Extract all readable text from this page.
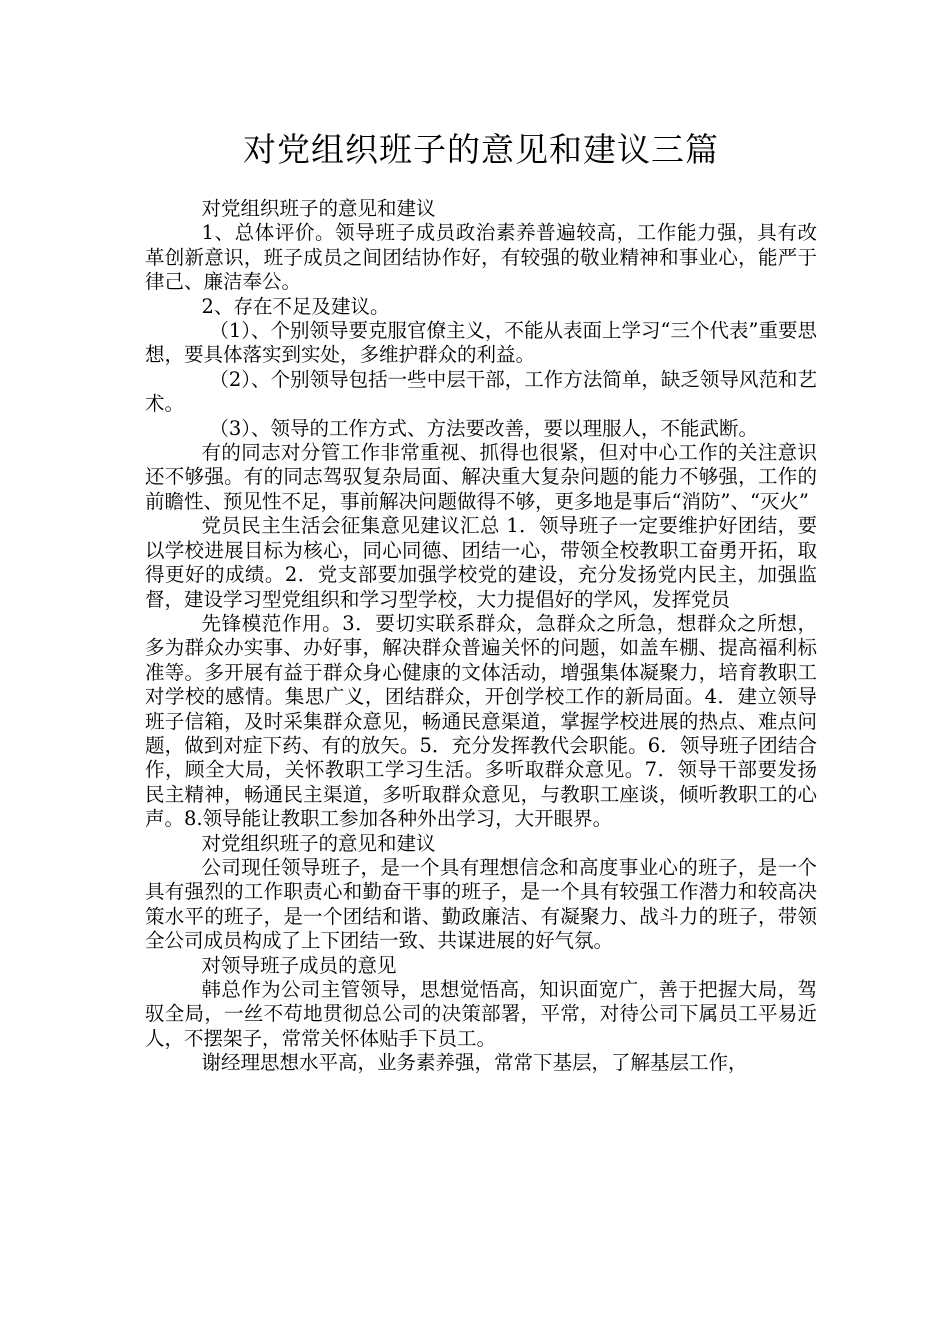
对党组织班子的意见和建议三篇

对党组织班子的意见和建议

1、总体评价。领导班子成员政治素养普遍较高，工作能力强，具有改革创新意识，班子成员之间团结协作好，有较强的敬业精神和事业心，能严于律己、廉洁奉公。

2、存在不足及建议。

（1）、个别领导要克服官僚主义，不能从表面上学习“三个代表”重要思想，要具体落实到实处，多维护群众的利益。

（2）、个别领导包括一些中层干部，工作方法简单，缺乏领导风范和艺术。

（3）、领导的工作方式、方法要改善，要以理服人，不能武断。

有的同志对分管工作非常重视、抓得也很紧，但对中心工作的关注意识还不够强。有的同志驾驭复杂局面、解决重大复杂问题的能力不够强，工作的前瞻性、预见性不足，事前解决问题做得不够，更多地是事后“消防”、“灭火”

党员民主生活会征集意见建议汇总 1．领导班子一定要维护好团结，要以学校进展目标为核心，同心同德、团结一心，带领全校教职工奋勇开拓，取得更好的成绩。2．党支部要加强学校党的建设，充分发扬党内民主，加强监督，建设学习型党组织和学习型学校，大力提倡好的学风，发挥党员

先锋模范作用。3．要切实联系群众，急群众之所急，想群众之所想，多为群众办实事、办好事，解决群众普遍关怀的问题，如盖车棚、提高福利标准等。多开展有益于群众身心健康的文体活动，增强集体凝聚力，培育教职工对学校的感情。集思广义，团结群众，开创学校工作的新局面。4．建立领导班子信箱，及时采集群众意见，畅通民意渠道，掌握学校进展的热点、难点问题，做到对症下药、有的放矢。5．充分发挥教代会职能。6．领导班子团结合作，顾全大局，关怀教职工学习生活。多听取群众意见。7．领导干部要发扬民主精神，畅通民主渠道，多听取群众意见，与教职工座谈，倾听教职工的心声。8.领导能让教职工参加各种外出学习，大开眼界。

对党组织班子的意见和建议

公司现任领导班子，是一个具有理想信念和高度事业心的班子，是一个具有强烈的工作职责心和勤奋干事的班子，是一个具有较强工作潜力和较高决策水平的班子，是一个团结和谐、勤政廉洁、有凝聚力、战斗力的班子，带领全公司成员构成了上下团结一致、共谋进展的好气氛。

对领导班子成员的意见

韩总作为公司主管领导，思想觉悟高，知识面宽广，善于把握大局，驾驭全局，一丝不苟地贯彻总公司的决策部署，平常，对待公司下属员工平易近人，不摆架子，常常关怀体贴手下员工。

谢经理思想水平高，业务素养强，常常下基层，了解基层工作，
